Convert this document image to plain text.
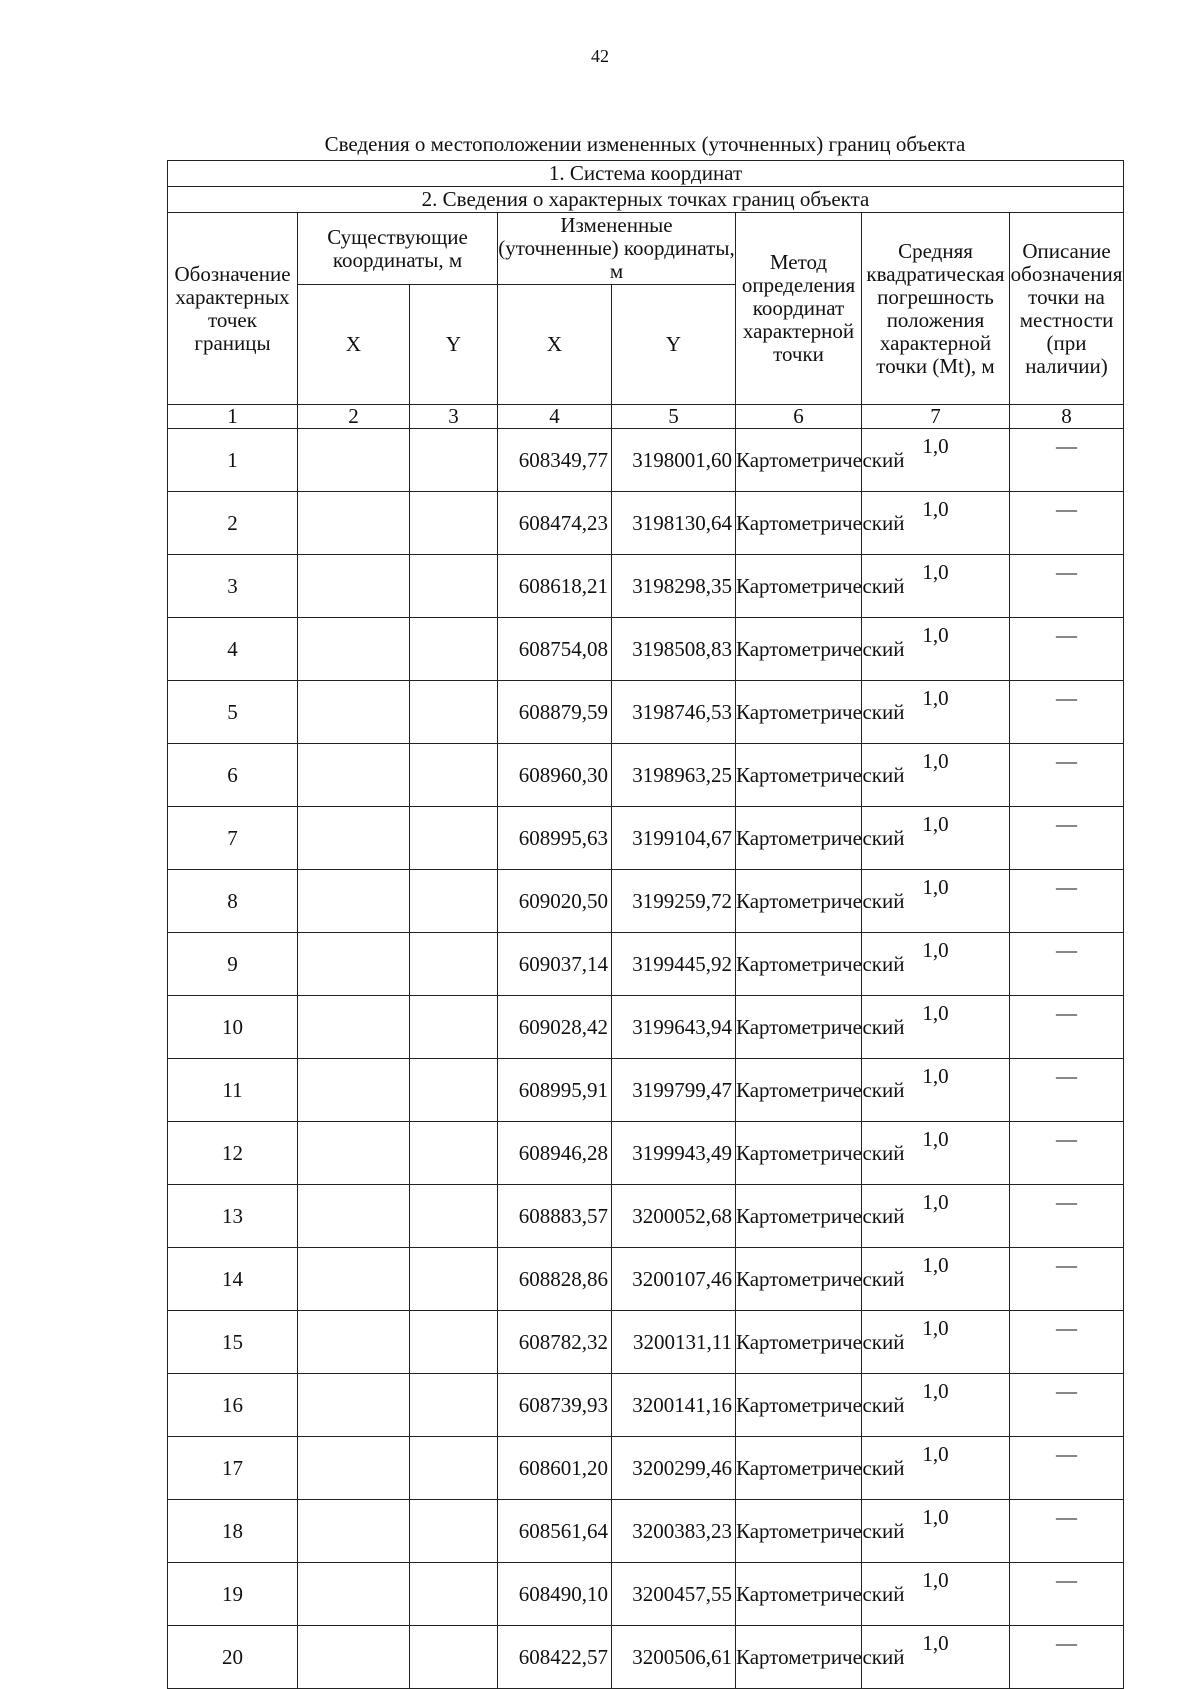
42
Сведения о местоположении измененных (уточненных) границ объекта
1. Система координат							
2. Сведения о характерных точках границ объекта							
Обозначение характерных точек границы	Существующие координаты, м		Измененные (уточненные) координаты, м		Метод определения координат характерной точки	Средняя квадратическая погрешность положения характерной точки (Mt), м	Описание обозначения точки на местности (при наличии)
	X	Y	X	Y			
1	2	3	4	5	6	7	8
1			608349,77	3198001,60	Картометрический	1,0	—
2			608474,23	3198130,64	Картометрический	1,0	—
3			608618,21	3198298,35	Картометрический	1,0	—
4			608754,08	3198508,83	Картометрический	1,0	—
5			608879,59	3198746,53	Картометрический	1,0	—
6			608960,30	3198963,25	Картометрический	1,0	—
7			608995,63	3199104,67	Картометрический	1,0	—
8			609020,50	3199259,72	Картометрический	1,0	—
9			609037,14	3199445,92	Картометрический	1,0	—
10			609028,42	3199643,94	Картометрический	1,0	—
11			608995,91	3199799,47	Картометрический	1,0	—
12			608946,28	3199943,49	Картометрический	1,0	—
13			608883,57	3200052,68	Картометрический	1,0	—
14			608828,86	3200107,46	Картометрический	1,0	—
15			608782,32	3200131,11	Картометрический	1,0	—
16			608739,93	3200141,16	Картометрический	1,0	—
17			608601,20	3200299,46	Картометрический	1,0	—
18			608561,64	3200383,23	Картометрический	1,0	—
19			608490,10	3200457,55	Картометрический	1,0	—
20			608422,57	3200506,61	Картометрический	1,0	—
